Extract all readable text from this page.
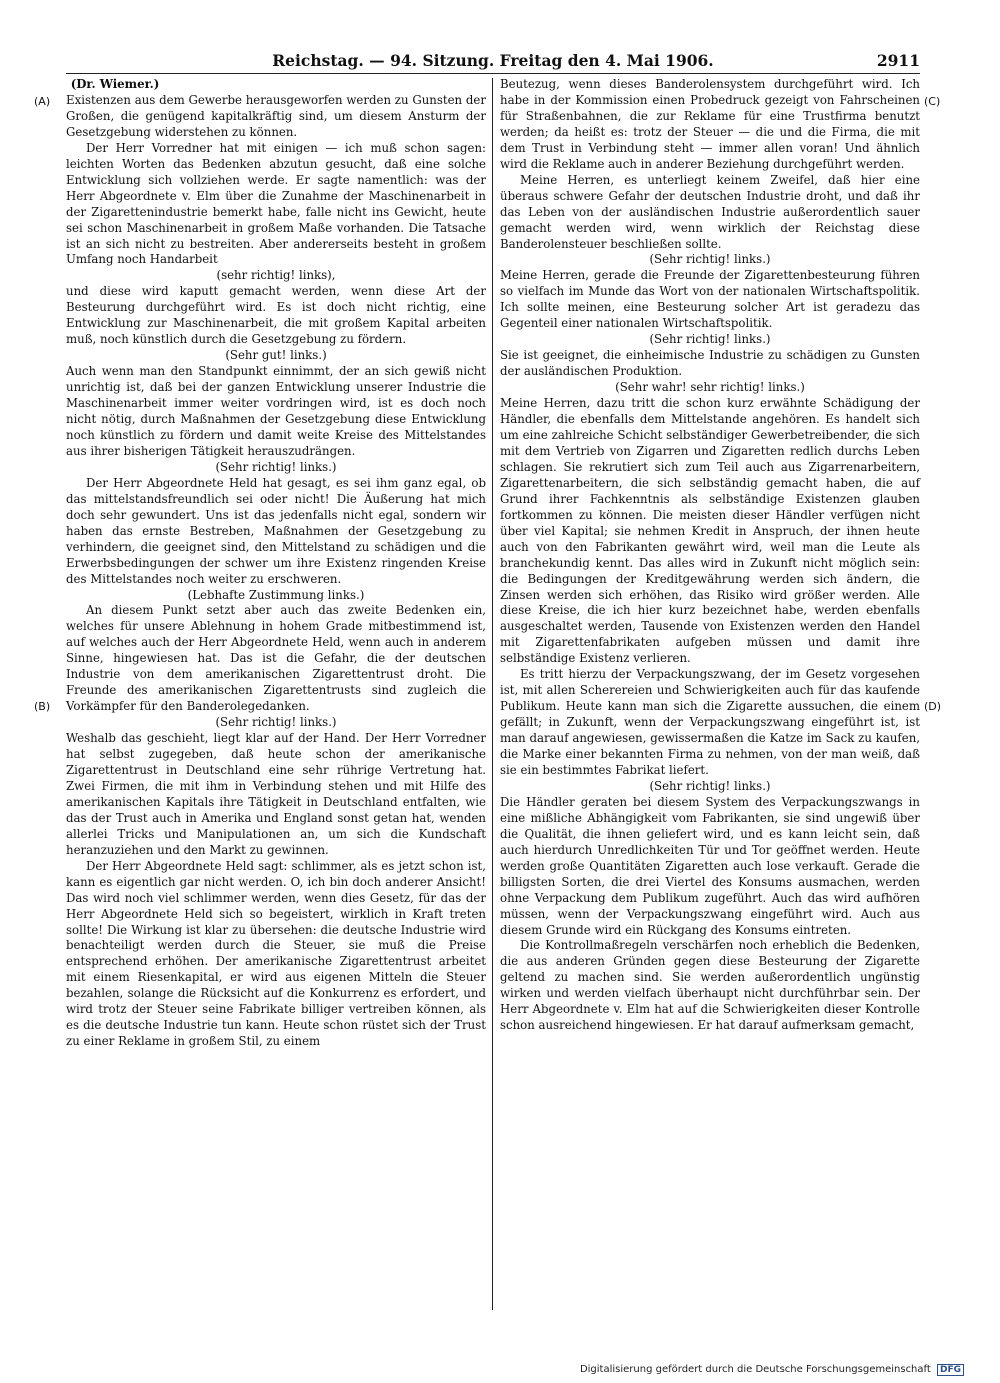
Reichstag. — 94. Sitzung. Freitag den 4. Mai 1906.	2911
(A)
(B)
(C)
(D)
(Dr. Wiemer.)

Existenzen aus dem Gewerbe herausgeworfen werden zu Gunsten der Großen, die genügend kapitalkräftig sind, um diesem Ansturm der Gesetzgebung widerstehen zu können.

Der Herr Vorredner hat mit einigen — ich muß schon sagen: leichten Worten das Bedenken abzutun gesucht, daß eine solche Entwicklung sich vollziehen werde. Er sagte namentlich: was der Herr Abgeordnete v. Elm über die Zunahme der Maschinenarbeit in der Zigarettenindustrie bemerkt habe, falle nicht ins Gewicht, heute sei schon Maschinenarbeit in großem Maße vorhanden. Die Tatsache ist an sich nicht zu bestreiten. Aber andererseits besteht in großem Umfang noch Handarbeit

(sehr richtig! links),

und diese wird kaputt gemacht werden, wenn diese Art der Besteurung durchgeführt wird. Es ist doch nicht richtig, eine Entwicklung zur Maschinenarbeit, die mit großem Kapital arbeiten muß, noch künstlich durch die Gesetzgebung zu fördern.

(Sehr gut! links.)

Auch wenn man den Standpunkt einnimmt, der an sich gewiß nicht unrichtig ist, daß bei der ganzen Entwicklung unserer Industrie die Maschinenarbeit immer weiter vordringen wird, ist es doch noch nicht nötig, durch Maßnahmen der Gesetzgebung diese Entwicklung noch künstlich zu fördern und damit weite Kreise des Mittelstandes aus ihrer bisherigen Tätigkeit herauszudrängen.

(Sehr richtig! links.)

Der Herr Abgeordnete Held hat gesagt, es sei ihm ganz egal, ob das mittelstandsfreundlich sei oder nicht! Die Äußerung hat mich doch sehr gewundert. Uns ist das jedenfalls nicht egal, sondern wir haben das ernste Bestreben, Maßnahmen der Gesetzgebung zu verhindern, die geeignet sind, den Mittelstand zu schädigen und die Erwerbsbedingungen der schwer um ihre Existenz ringenden Kreise des Mittelstandes noch weiter zu erschweren.

(Lebhafte Zustimmung links.)

An diesem Punkt setzt aber auch das zweite Bedenken ein, welches für unsere Ablehnung in hohem Grade mitbestimmend ist, auf welches auch der Herr Abgeordnete Held, wenn auch in anderem Sinne, hingewiesen hat. Das ist die Gefahr, die der deutschen Industrie von dem amerikanischen Zigarettentrust droht. Die Freunde des amerikanischen Zigarettentrusts sind zugleich die Vorkämpfer für den Banderolegedanken.

(Sehr richtig! links.)

Weshalb das geschieht, liegt klar auf der Hand. Der Herr Vorredner hat selbst zugegeben, daß heute schon der amerikanische Zigarettentrust in Deutschland eine sehr rührige Vertretung hat. Zwei Firmen, die mit ihm in Verbindung stehen und mit Hilfe des amerikanischen Kapitals ihre Tätigkeit in Deutschland entfalten, wie das der Trust auch in Amerika und England sonst getan hat, wenden allerlei Tricks und Manipulationen an, um sich die Kundschaft heranzuziehen und den Markt zu gewinnen.

Der Herr Abgeordnete Held sagt: schlimmer, als es jetzt schon ist, kann es eigentlich gar nicht werden. O, ich bin doch anderer Ansicht! Das wird noch viel schlimmer werden, wenn dies Gesetz, für das der Herr Abgeordnete Held sich so begeistert, wirklich in Kraft treten sollte! Die Wirkung ist klar zu übersehen: die deutsche Industrie wird benachteiligt werden durch die Steuer, sie muß die Preise entsprechend erhöhen. Der amerikanische Zigarettentrust arbeitet mit einem Riesenkapital, er wird aus eigenen Mitteln die Steuer bezahlen, solange die Rücksicht auf die Konkurrenz es erfordert, und wird trotz der Steuer seine Fabrikate billiger vertreiben können, als es die deutsche Industrie tun kann. Heute schon rüstet sich der Trust zu einer Reklame in großem Stil, zu einem

Beutezug, wenn dieses Banderolensystem durchgeführt wird. Ich habe in der Kommission einen Probedruck gezeigt von Fahrscheinen für Straßenbahnen, die zur Reklame für eine Trustfirma benutzt werden; da heißt es: trotz der Steuer — die und die Firma, die mit dem Trust in Verbindung steht — immer allen voran! Und ähnlich wird die Reklame auch in anderer Beziehung durchgeführt werden.

Meine Herren, es unterliegt keinem Zweifel, daß hier eine überaus schwere Gefahr der deutschen Industrie droht, und daß ihr das Leben von der ausländischen Industrie außerordentlich sauer gemacht werden wird, wenn wirklich der Reichstag diese Banderolensteuer beschließen sollte.

(Sehr richtig! links.)

Meine Herren, gerade die Freunde der Zigarettenbesteurung führen so vielfach im Munde das Wort von der nationalen Wirtschaftspolitik. Ich sollte meinen, eine Besteurung solcher Art ist geradezu das Gegenteil einer nationalen Wirtschaftspolitik.

(Sehr richtig! links.)

Sie ist geeignet, die einheimische Industrie zu schädigen zu Gunsten der ausländischen Produktion.

(Sehr wahr! sehr richtig! links.)

Meine Herren, dazu tritt die schon kurz erwähnte Schädigung der Händler, die ebenfalls dem Mittelstande angehören. Es handelt sich um eine zahlreiche Schicht selbständiger Gewerbetreibender, die sich mit dem Vertrieb von Zigarren und Zigaretten redlich durchs Leben schlagen. Sie rekrutiert sich zum Teil auch aus Zigarrenarbeitern, Zigarettenarbeitern, die sich selbständig gemacht haben, die auf Grund ihrer Fachkenntnis als selbständige Existenzen glauben fortkommen zu können. Die meisten dieser Händler verfügen nicht über viel Kapital; sie nehmen Kredit in Anspruch, der ihnen heute auch von den Fabrikanten gewährt wird, weil man die Leute als branchekundig kennt. Das alles wird in Zukunft nicht möglich sein: die Bedingungen der Kreditgewährung werden sich ändern, die Zinsen werden sich erhöhen, das Risiko wird größer werden. Alle diese Kreise, die ich hier kurz bezeichnet habe, werden ebenfalls ausgeschaltet werden, Tausende von Existenzen werden den Handel mit Zigarettenfabrikaten aufgeben müssen und damit ihre selbständige Existenz verlieren.

Es tritt hierzu der Verpackungszwang, der im Gesetz vorgesehen ist, mit allen Scherereien und Schwierigkeiten auch für das kaufende Publikum. Heute kann man sich die Zigarette aussuchen, die einem gefällt; in Zukunft, wenn der Verpackungszwang eingeführt ist, ist man darauf angewiesen, gewissermaßen die Katze im Sack zu kaufen, die Marke einer bekannten Firma zu nehmen, von der man weiß, daß sie ein bestimmtes Fabrikat liefert.

(Sehr richtig! links.)

Die Händler geraten bei diesem System des Verpackungszwangs in eine mißliche Abhängigkeit vom Fabrikanten, sie sind ungewiß über die Qualität, die ihnen geliefert wird, und es kann leicht sein, daß auch hierdurch Unredlichkeiten Tür und Tor geöffnet werden. Heute werden große Quantitäten Zigaretten auch lose verkauft. Gerade die billigsten Sorten, die drei Viertel des Konsums ausmachen, werden ohne Verpackung dem Publikum zugeführt. Auch das wird aufhören müssen, wenn der Verpackungszwang eingeführt wird. Auch aus diesem Grunde wird ein Rückgang des Konsums eintreten.

Die Kontrollmaßregeln verschärfen noch erheblich die Bedenken, die aus anderen Gründen gegen diese Besteurung der Zigarette geltend zu machen sind. Sie werden außerordentlich ungünstig wirken und werden vielfach überhaupt nicht durchführbar sein. Der Herr Abgeordnete v. Elm hat auf die Schwierigkeiten dieser Kontrolle schon ausreichend hingewiesen. Er hat darauf aufmerksam gemacht,

Digitalisierung gefördert durch die Deutsche Forschungsgemeinschaft DFG
